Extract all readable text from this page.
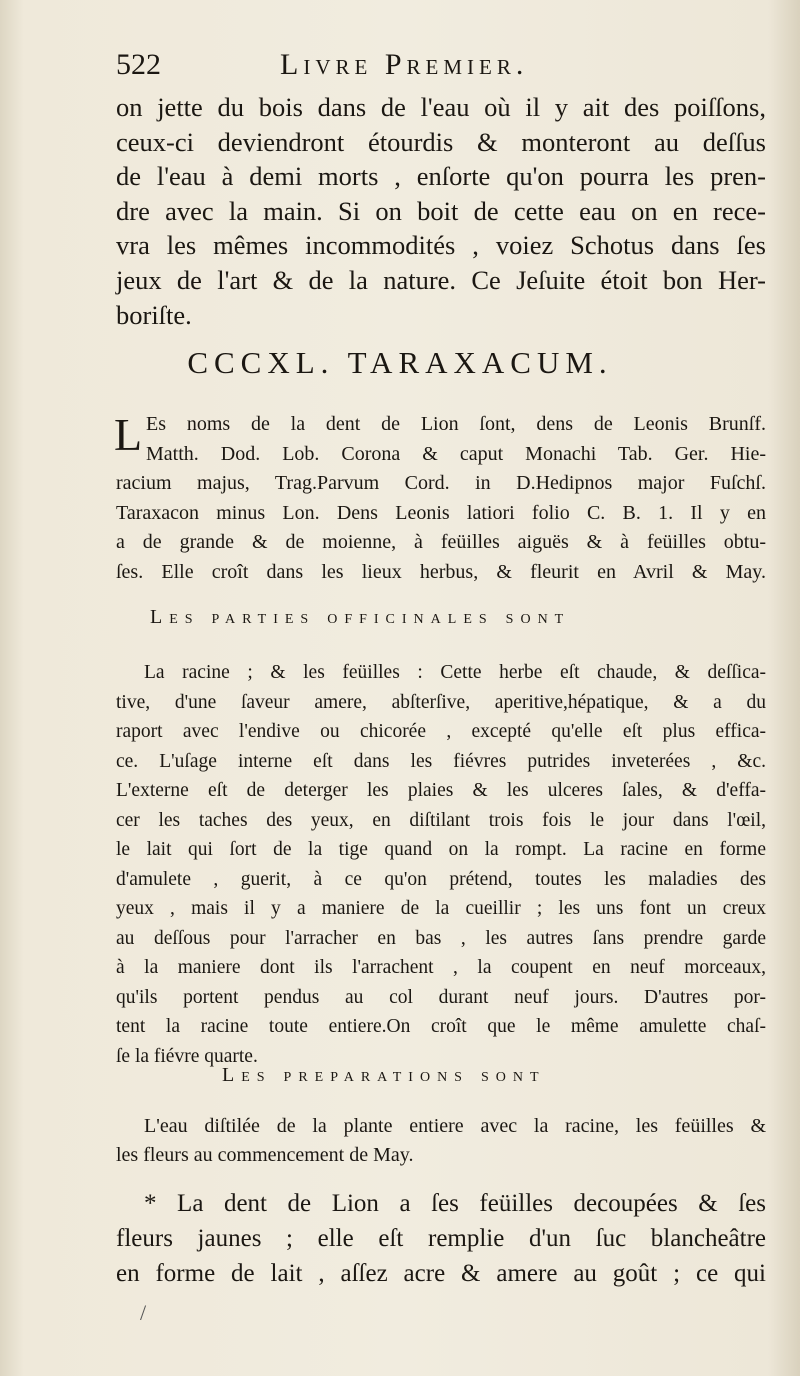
522	Livre Premier.
on jette du bois dans de l'eau où il y ait des poiſſons,
ceux-ci deviendront étourdis & monteront au deſſus
de l'eau à demi morts , enſorte qu'on pourra les pren-
dre avec la main. Si on boit de cette eau on en rece-
vra les mêmes incommodités , voiez Schotus dans ſes
jeux de l'art & de la nature. Ce Jeſuite étoit bon Her-
boriſte.
CCCXL. TARAXACUM.
L Es noms de la dent de Lion ſont, dens de Leonis Brunſf.
Matth. Dod. Lob. Corona & caput Monachi Tab. Ger. Hie-
racium majus, Trag.Parvum Cord. in D.Hedipnos major Fuſchſ.
Taraxacon minus Lon. Dens Leonis latiori folio C. B. 1. Il y en
a de grande & de moienne, à feüilles aiguës & à feüilles obtu-
ſes. Elle croît dans les lieux herbus, & fleurit en Avril & May.
Les parties officinales sont
La racine ; & les feüilles : Cette herbe eſt chaude, & deſſica-
tive, d'une ſaveur amere, abſterſive, aperitive,hépatique, & a du
raport avec l'endive ou chicorée , excepté qu'elle eſt plus effica-
ce. L'uſage interne eſt dans les fiévres putrides inveterées , &c.
L'externe eſt de deterger les plaies & les ulceres ſales, & d'effa-
cer les taches des yeux, en diſtilant trois fois le jour dans l'œil,
le lait qui ſort de la tige quand on la rompt. La racine en forme
d'amulete , guerit, à ce qu'on prétend, toutes les maladies des
yeux , mais il y a maniere de la cueillir ; les uns font un creux
au deſſous pour l'arracher en bas , les autres ſans prendre garde
à la maniere dont ils l'arrachent , la coupent en neuf morceaux,
qu'ils portent pendus au col durant neuf jours. D'autres por-
tent la racine toute entiere.On croît que le même amulette chaſ-
ſe la fiévre quarte.
Les preparations sont
L'eau diſtilée de la plante entiere avec la racine, les feüilles &
les fleurs au commencement de May.
* La dent de Lion a ſes feüilles decoupées & ſes
fleurs jaunes ; elle eſt remplie d'un ſuc blancheâtre
en forme de lait , aſſez acre & amere au goût ; ce qui
/
